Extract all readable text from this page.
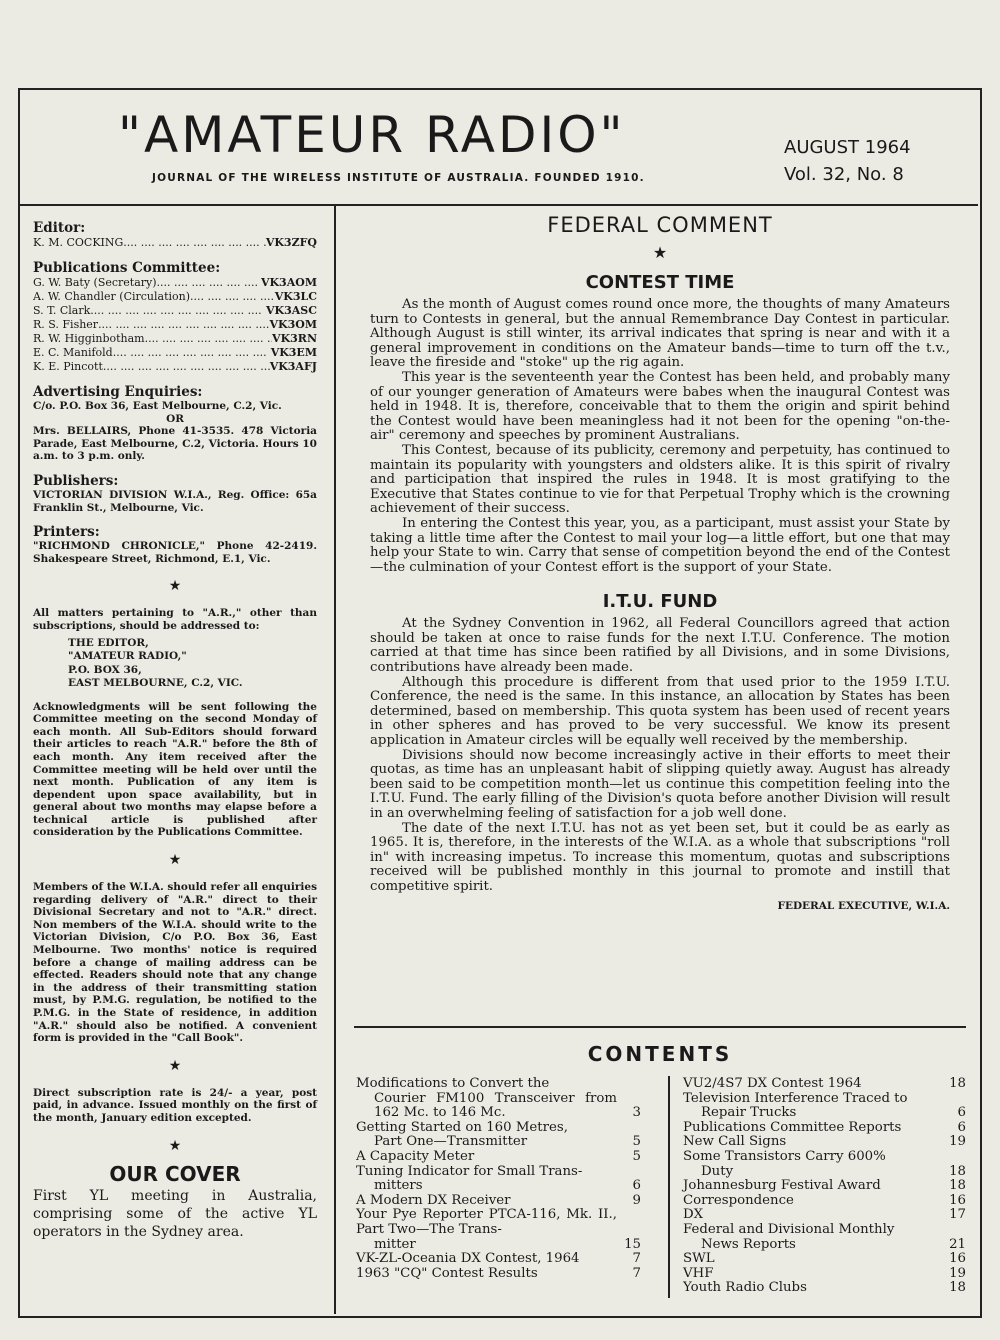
"AMATEUR RADIO"
JOURNAL OF THE WIRELESS INSTITUTE OF AUSTRALIA. FOUNDED 1910.
AUGUST 1964
Vol. 32, No. 8
Editor:
K. M. COCKING ....	VK3ZFQ
Publications Committee:
G. W. Baty (Secretary) ....	VK3AOM
A. W. Chandler (Circulation) ....	VK3LC
S. T. Clark ....	VK3ASC
R. S. Fisher ....	VK3OM
R. W. Higginbotham ....	VK3RN
E. C. Manifold ....	VK3EM
K. E. Pincott ....	VK3AFJ
Advertising Enquiries:
C/o. P.O. Box 36, East Melbourne, C.2, Vic.
OR
Mrs. BELLAIRS, Phone 41-3535. 478 Victoria Parade, East Melbourne, C.2, Victoria. Hours 10 a.m. to 3 p.m. only.
Publishers:
VICTORIAN DIVISION W.I.A., Reg. Office: 65a Franklin St., Melbourne, Vic.
Printers:
"RICHMOND CHRONICLE," Phone 42-2419. Shakespeare Street, Richmond, E.1, Vic.
★
All matters pertaining to "A.R.," other than subscriptions, should be addressed to:
THE EDITOR,
"AMATEUR RADIO,"
P.O. BOX 36,
EAST MELBOURNE, C.2, VIC.
Acknowledgments will be sent following the Committee meeting on the second Monday of each month. All Sub-Editors should forward their articles to reach "A.R." before the 8th of each month. Any item received after the Committee meeting will be held over until the next month. Publication of any item is dependent upon space availability, but in general about two months may elapse before a technical article is published after consideration by the Publications Committee.
★
Members of the W.I.A. should refer all enquiries regarding delivery of "A.R." direct to their Divisional Secretary and not to "A.R." direct. Non members of the W.I.A. should write to the Victorian Division, C/o P.O. Box 36, East Melbourne. Two months' notice is required before a change of mailing address can be effected. Readers should note that any change in the address of their transmitting station must, by P.M.G. regulation, be notified to the P.M.G. in the State of residence, in addition "A.R." should also be notified. A convenient form is provided in the "Call Book".
★
Direct subscription rate is 24/- a year, post paid, in advance. Issued monthly on the first of the month, January edition excepted.
★
OUR COVER
First YL meeting in Australia, comprising some of the active YL operators in the Sydney area.
FEDERAL COMMENT
★
CONTEST TIME

As the month of August comes round once more, the thoughts of many Amateurs turn to Contests in general, but the annual Remembrance Day Contest in particular. Although August is still winter, its arrival indicates that spring is near and with it a general improvement in conditions on the Amateur bands—time to turn off the t.v., leave the fireside and "stoke" up the rig again.

This year is the seventeenth year the Contest has been held, and probably many of our younger generation of Amateurs were babes when the inaugural Contest was held in 1948. It is, therefore, conceivable that to them the origin and spirit behind the Contest would have been meaningless had it not been for the opening "on-the-air" ceremony and speeches by prominent Australians.

This Contest, because of its publicity, ceremony and perpetuity, has continued to maintain its popularity with youngsters and oldsters alike. It is this spirit of rivalry and participation that inspired the rules in 1948. It is most gratifying to the Executive that States continue to vie for that Perpetual Trophy which is the crowning achievement of their success.

In entering the Contest this year, you, as a participant, must assist your State by taking a little time after the Contest to mail your log—a little effort, but one that may help your State to win. Carry that sense of competition beyond the end of the Contest—the culmination of your Contest effort is the support of your State.

I.T.U. FUND

At the Sydney Convention in 1962, all Federal Councillors agreed that action should be taken at once to raise funds for the next I.T.U. Conference. The motion carried at that time has since been ratified by all Divisions, and in some Divisions, contributions have already been made.

Although this procedure is different from that used prior to the 1959 I.T.U. Conference, the need is the same. In this instance, an allocation by States has been determined, based on membership. This quota system has been used of recent years in other spheres and has proved to be very successful. We know its present application in Amateur circles will be equally well received by the membership.

Divisions should now become increasingly active in their efforts to meet their quotas, as time has an unpleasant habit of slipping quietly away. August has already been said to be competition month—let us continue this competition feeling into the I.T.U. Fund. The early filling of the Division's quota before another Division will result in an overwhelming feeling of satisfaction for a job well done.

The date of the next I.T.U. has not as yet been set, but it could be as early as 1965. It is, therefore, in the interests of the W.I.A. as a whole that subscriptions "roll in" with increasing impetus. To increase this momentum, quotas and subscriptions received will be published monthly in this journal to promote and instill that competitive spirit.

FEDERAL EXECUTIVE, W.I.A.
CONTENTS
Modifications to Convert the
Courier FM100 Transceiver from 162 Mc. to 146 Mc.	3
Getting Started on 160 Metres,
Part One—Transmitter	5
A Capacity Meter	5
Tuning Indicator for Small Trans-
mitters	6
A Modern DX Receiver	9
Your Pye Reporter PTCA-116, Mk. II., Part Two—The Trans-
mitter	15
VK-ZL-Oceania DX Contest, 1964	7
1963 "CQ" Contest Results	7
VU2/4S7 DX Contest 1964	18
Television Interference Traced to
Repair Trucks	6
Publications Committee Reports	6
New Call Signs	19
Some Transistors Carry 600%
Duty	18
Johannesburg Festival Award	18
Correspondence	16
DX	17
Federal and Divisional Monthly
News Reports	21
SWL	16
VHF	19
Youth Radio Clubs	18
